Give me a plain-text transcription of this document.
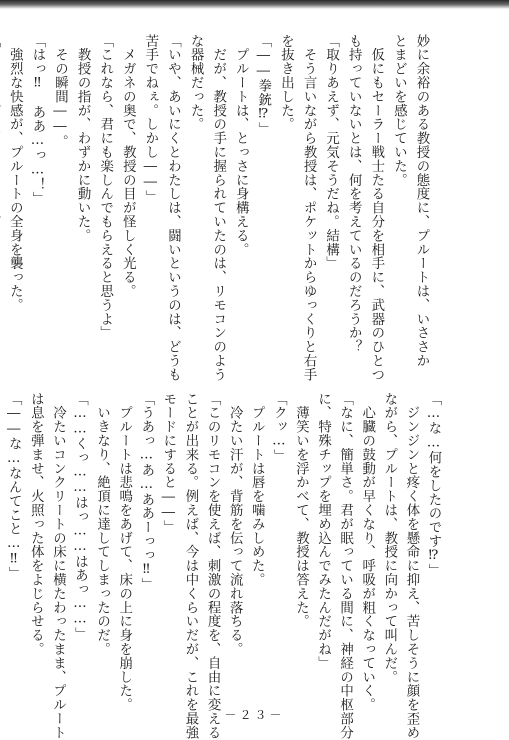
妙に余裕のある教授の態度に、プルートは、いささか
とまどいを感じていた。
　仮にもセーラー戦士たる自分を相手に、武器のひとつ
も持っていないとは、何を考えているのだろうか？
「取りあえず、元気そうだね。結構」
　そう言いながら教授は、ポケットからゆっくりと右手
を抜き出した。
「――拳銃⁉」
　プルートは、とっさに身構える。
　だが、教授の手に握られていたのは、リモコンのよう
な器械だった。
「いや、あいにくとわたしは、闘いというのは、どうも
苦手でねぇ。しかし――」
　メガネの奥で、教授の目が怪しく光る。
「これなら、君にも楽しんでもらえると思うよ」
　教授の指が、わずかに動いた。
　その瞬間――。
「はっ‼　ああ…っ…！」
　強烈な快感が、プルートの全身を襲った。
「…な…何をしたのです⁉」
　ジンジンと疼く体を懸命に抑え、苦しそうに顔を歪め
ながら、プルートは、教授に向かって叫んだ。
　心臓の鼓動が早くなり、呼吸が粗くなっていく。
「なに、簡単さ。君が眠っている間に、神経の中枢部分
に、特殊チップを埋め込んでみたんだがね」
　薄笑いを浮かべて、教授は答えた。
「クッ…」
　プルートは唇を噛みしめた。
　冷たい汗が、背筋を伝って流れ落ちる。
「このリモコンを使えば、刺激の程度を、自由に変える
ことが出来る。例えば、今は中くらいだが、これを最強
モードにすると――」
「うあっ…あ…ああーっっ‼」
　プルートは悲鳴をあげて、床の上に身を崩した。
　いきなり、絶頂に達してしまったのだ。
「……くっ……はっ……はあっ……」
　冷たいコンクリートの床に横たわったまま、プルート
は息を弾ませ、火照った体をよじらせる。
「――な…なんてこと…‼」
－２３－
